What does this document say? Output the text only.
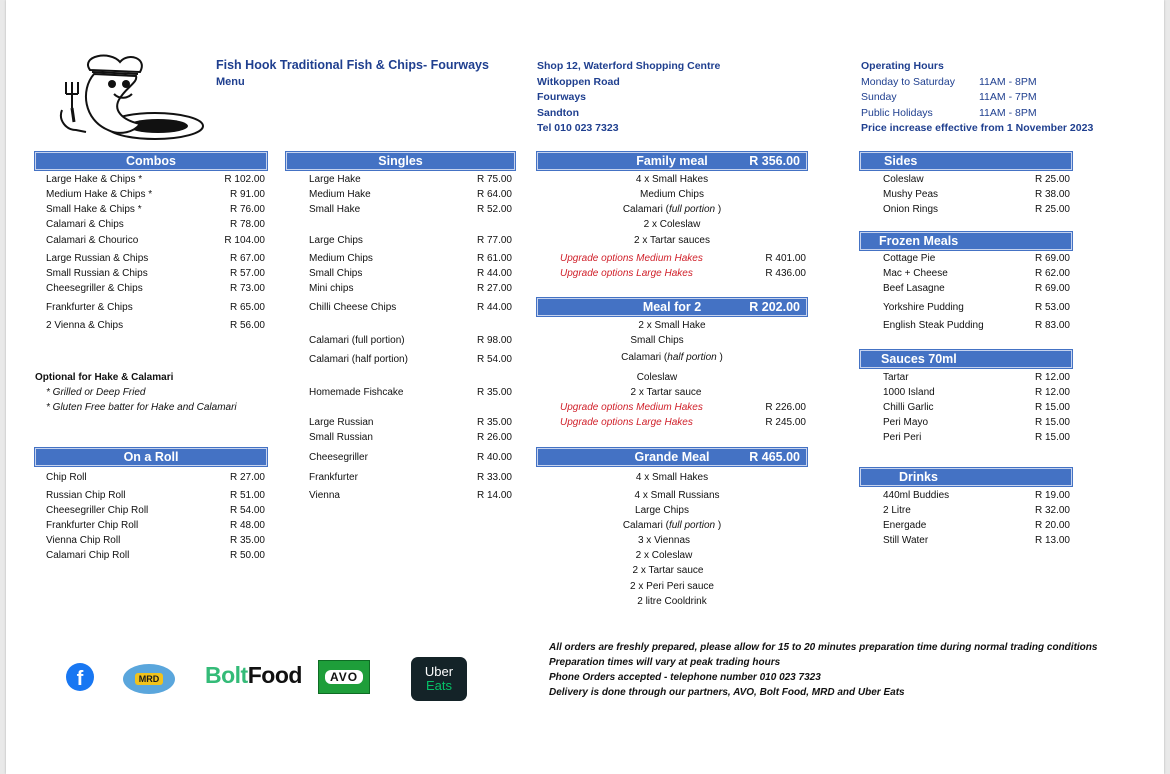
Fish Hook Traditional Fish & Chips- Fourways
Menu
Shop 12, Waterford Shopping Centre
Witkoppen Road
Fourways
Sandton
Tel 010 023 7323
Operating Hours
Monday to Saturday 11AM - 8PM
Sunday	11AM - 7PM
Public Holidays	11AM - 8PM
Price increase effective from 1 November 2023
Combos	Singles	Family meal	R 356.00	Sides
Frozen Meals
Meal for 2	R 202.00
Sauces 70ml
On a Roll	Grande Meal	R 465.00
Drinks
Large Hake & Chips *	R 102.00
Medium Hake & Chips *	R 91.00
Small Hake & Chips *	R 76.00
Calamari & Chips	R 78.00
Calamari & Chourico	R 104.00
Large Russian & Chips	R 67.00
Small Russian & Chips	R 57.00
Cheesegriller & Chips	R 73.00
Frankfurter & Chips	R 65.00
2 Vienna & Chips	R 56.00
Optional for Hake & Calamari
* Grilled or Deep Fried
* Gluten Free batter for Hake and Calamari
Large Hake	R 75.00
Medium Hake	R 64.00
Small Hake	R 52.00
Large Chips	R 77.00
Medium Chips	R 61.00
Small Chips	R 44.00
Mini chips	R 27.00
Chilli Cheese Chips	R 44.00
Calamari (full portion)	R 98.00
Calamari (half portion)	R 54.00
Homemade Fishcake	R 35.00
Large Russian	R 35.00
Small Russian	R 26.00
Cheesegriller	R 40.00
Frankfurter	R 33.00
Vienna	R 14.00
Chip Roll	R 27.00
Russian Chip Roll	R 51.00
Cheesegriller Chip Roll	R 54.00
Frankfurter Chip Roll	R 48.00
Vienna Chip Roll	R 35.00
Calamari Chip Roll	R 50.00
4 x Small Hakes
Medium Chips
Calamari (full portion )
2 x Coleslaw
2 x Tartar sauces
Upgrade options Medium Hakes	R 401.00
Upgrade options Large Hakes	R 436.00
2 x Small Hake
Small Chips
Calamari (half portion )
Coleslaw
2 x Tartar sauce
Upgrade options Medium Hakes	R 226.00
Upgrade options Large Hakes	R 245.00
4 x Small Hakes
4 x Small Russians
Large Chips
Calamari (full portion )
3 x Viennas
2 x Coleslaw
2 x Tartar sauce
2 x Peri Peri sauce
2 litre Cooldrink
Coleslaw	R 25.00
Mushy Peas	R 38.00
Onion Rings	R 25.00
Cottage Pie	R 69.00
Mac + Cheese	R 62.00
Beef Lasagne	R 69.00
Yorkshire Pudding	R 53.00
English Steak Pudding	R 83.00
Tartar	R 12.00
1000 Island	R 12.00
Chilli Garlic	R 15.00
Peri Mayo	R 15.00
Peri Peri	R 15.00
440ml Buddies	R 19.00
2 Litre	R 32.00
Energade	R 20.00
Still Water	R 13.00
All orders are freshly prepared, please allow for 15 to 20 minutes preparation time during normal trading conditions
Preparation times will vary at peak trading hours
Phone Orders accepted - telephone number 010 023 7323
Delivery is done through our partners, AVO, Bolt Food, MRD and Uber Eats
f	MRD BoltFood	AVO	Uber
Eats
